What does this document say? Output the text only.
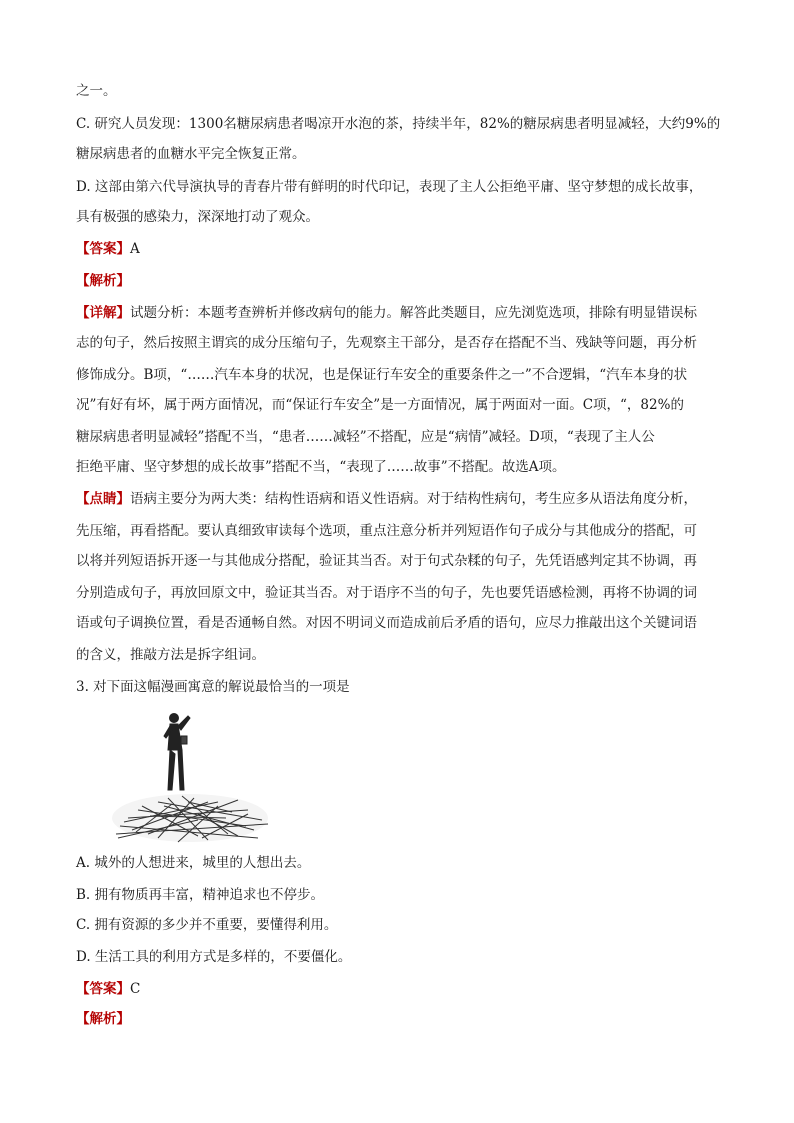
之一。
C. 研究人员发现：1300名糖尿病患者喝凉开水泡的茶，持续半年，82%的糖尿病患者明显减轻，大约9%的
糖尿病患者的血糖水平完全恢复正常。
D. 这部由第六代导演执导的青春片带有鲜明的时代印记，表现了主人公拒绝平庸、坚守梦想的成长故事，
具有极强的感染力，深深地打动了观众。
【答案】A
【解析】
【详解】试题分析：本题考查辨析并修改病句的能力。解答此类题目，应先浏览选项，排除有明显错误标
志的句子，然后按照主谓宾的成分压缩句子，先观察主干部分，是否存在搭配不当、残缺等问题，再分析
修饰成分。B项，“……汽车本身的状况，也是保证行车安全的重要条件之一”不合逻辑，“汽车本身的状
况”有好有坏，属于两方面情况，而“保证行车安全”是一方面情况，属于两面对一面。C项，“，82%的
糖尿病患者明显减轻”搭配不当，“患者……减轻”不搭配，应是“病情”减轻。D项，“表现了主人公
拒绝平庸、坚守梦想的成长故事”搭配不当，“表现了……故事”不搭配。故选A项。
【点睛】语病主要分为两大类：结构性语病和语义性语病。对于结构性病句，考生应多从语法角度分析，
先压缩，再看搭配。要认真细致审读每个选项，重点注意分析并列短语作句子成分与其他成分的搭配，可
以将并列短语拆开逐一与其他成分搭配，验证其当否。对于句式杂糅的句子，先凭语感判定其不协调，再
分别造成句子，再放回原文中，验证其当否。对于语序不当的句子，先也要凭语感检测，再将不协调的词
语或句子调换位置，看是否通畅自然。对因不明词义而造成前后矛盾的语句，应尽力推敲出这个关键词语
的含义，推敲方法是拆字组词。
3. 对下面这幅漫画寓意的解说最恰当的一项是
A. 城外的人想进来，城里的人想出去。
B. 拥有物质再丰富，精神追求也不停步。
C. 拥有资源的多少并不重要，要懂得利用。
D. 生活工具的利用方式是多样的，不要僵化。
【答案】C
【解析】
